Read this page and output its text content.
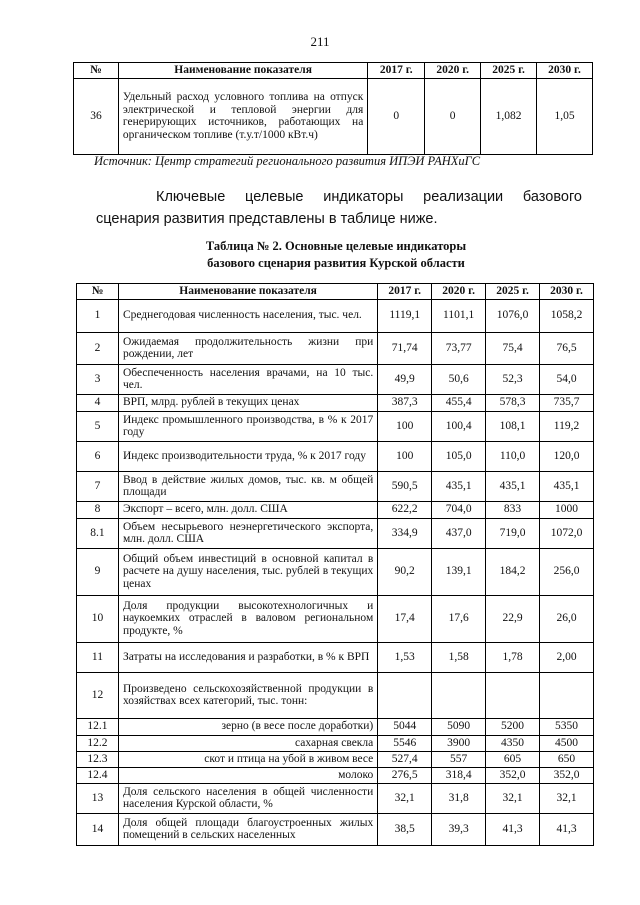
211
№	Наименование показателя	2017 г.	2020 г.	2025 г.	2030 г.
36	Удельный расход условного топлива на отпуск электрической и тепловой энергии для генерирующих источников, работающих на органическом топливе (т.у.т/1000 кВт.ч)	0	0	1,082	1,05
Источник: Центр стратегий регионального развития ИПЭИ РАНХиГС
Ключевые целевые индикаторы реализации базового сценария развития представлены в таблице ниже.
Таблица № 2. Основные целевые индикаторы
базового сценария развития Курской области
№	Наименование показателя	2017 г.	2020 г.	2025 г.	2030 г.
1	Среднегодовая численность населения, тыс. чел.	1119,1	1101,1	1076,0	1058,2
2	Ожидаемая продолжительность жизни при рождении, лет	71,74	73,77	75,4	76,5
3	Обеспеченность населения врачами, на 10 тыс. чел.	49,9	50,6	52,3	54,0
4	ВРП, млрд. рублей в текущих ценах	387,3	455,4	578,3	735,7
5	Индекс промышленного производства, в % к 2017 году	100	100,4	108,1	119,2
6	Индекс производительности труда, % к 2017 году	100	105,0	110,0	120,0
7	Ввод в действие жилых домов, тыс. кв. м общей площади	590,5	435,1	435,1	435,1
8	Экспорт – всего, млн. долл. США	622,2	704,0	833	1000
8.1	Объем несырьевого неэнергетического экспорта, млн. долл. США	334,9	437,0	719,0	1072,0
9	Общий объем инвестиций в основной капитал в расчете на душу населения, тыс. рублей в текущих ценах	90,2	139,1	184,2	256,0
10	Доля продукции высокотехнологичных и наукоемких отраслей в валовом региональном продукте, %	17,4	17,6	22,9	26,0
11	Затраты на исследования и разработки, в % к ВРП	1,53	1,58	1,78	2,00
12	Произведено сельскохозяйственной продукции в хозяйствах всех категорий, тыс. тонн:				
12.1	зерно (в весе после доработки)	5044	5090	5200	5350
12.2	сахарная свекла	5546	3900	4350	4500
12.3	скот и птица на убой в живом весе	527,4	557	605	650
12.4	молоко	276,5	318,4	352,0	352,0
13	Доля сельского населения в общей численности населения Курской области, %	32,1	31,8	32,1	32,1
14	Доля общей площади благоустроенных жилых помещений в сельских населенных	38,5	39,3	41,3	41,3
